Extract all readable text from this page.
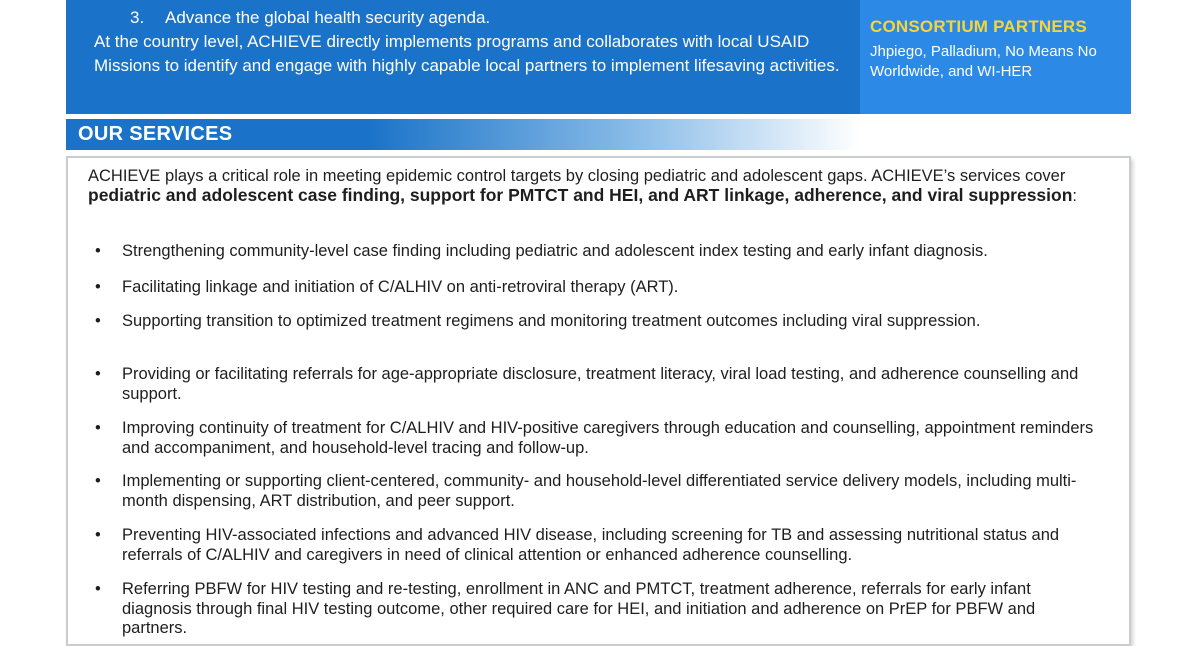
3. Advance the global health security agenda.
At the country level, ACHIEVE directly implements programs and collaborates with local USAID Missions to identify and engage with highly capable local partners to implement lifesaving activities.
CONSORTIUM PARTNERS
Jhpiego, Palladium, No Means No Worldwide, and WI-HER
OUR SERVICES
ACHIEVE plays a critical role in meeting epidemic control targets by closing pediatric and adolescent gaps. ACHIEVE’s services cover pediatric and adolescent case finding, support for PMTCT and HEI, and ART linkage, adherence, and viral suppression:
•	Strengthening community-level case finding including pediatric and adolescent index testing and early infant diagnosis.
•	Facilitating linkage and initiation of C/ALHIV on anti-retroviral therapy (ART).
•	Supporting transition to optimized treatment regimens and monitoring treatment outcomes including viral suppression.
•	Providing or facilitating referrals for age-appropriate disclosure, treatment literacy, viral load testing, and adherence counselling and support.
•	Improving continuity of treatment for C/ALHIV and HIV-positive caregivers through education and counselling, appointment reminders and accompaniment, and household-level tracing and follow-up.
•	Implementing or supporting client-centered, community- and household-level differentiated service delivery models, including multi-month dispensing, ART distribution, and peer support.
•	Preventing HIV-associated infections and advanced HIV disease, including screening for TB and assessing nutritional status and referrals of C/ALHIV and caregivers in need of clinical attention or enhanced adherence counselling.
•	Referring PBFW for HIV testing and re-testing, enrollment in ANC and PMTCT, treatment adherence, referrals for early infant diagnosis through final HIV testing outcome, other required care for HEI, and initiation and adherence on PrEP for PBFW and partners.
